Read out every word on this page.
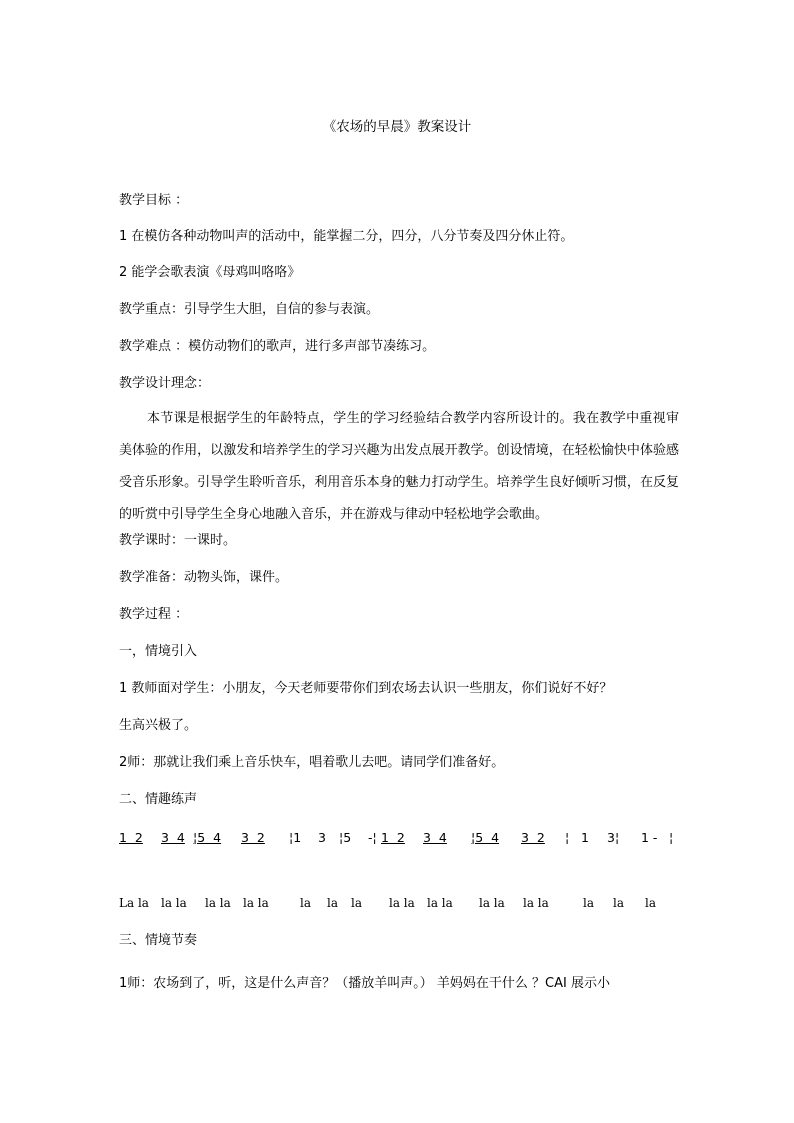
《农场的早晨》教案设计
教学目标 ：
1 在模仿各种动物叫声的活动中，能掌握二分，四分，八分节奏及四分休止符。
2 能学会歌表演《母鸡叫咯咯》
教学重点：引导学生大胆，自信的参与表演。
教学难点 ：模仿动物们的歌声，进行多声部节凑练习。
教学设计理念：
本节课是根据学生的年龄特点，学生的学习经验结合教学内容所设计的。我在教学中重视审美体验的作用，以激发和培养学生的学习兴趣为出发点展开教学。创设情境，在轻松愉快中体验感受音乐形象。引导学生聆听音乐，利用音乐本身的魅力打动学生。培养学生良好倾听习惯，在反复的听赏中引导学生全身心地融入音乐，并在游戏与律动中轻松地学会歌曲。
教学课时：一课时。
教学准备：动物头饰，课件。
教学过程 ：
一，情境引入
1 教师面对学生：小朋友，今天老师要带你们到农场去认识一些朋友，你们说好不好？
生高兴极了。
2师：那就让我们乘上音乐快车，唱着歌儿去吧。请同学们准备好。
二、情趣练声
1  2 3  4 ¦5  4 3  2 ¦1 3 ¦5 -¦ 1  2 3  4 ¦5  4 3  2 ¦ 1 3¦ 1 - ¦
La la la la la la la la	la la la la la la la la la la la	la la la
三、情境节奏
1师：农场到了，听，这是什么声音？（播放羊叫声。） 羊妈妈在干什么 ？CAI 展示小
